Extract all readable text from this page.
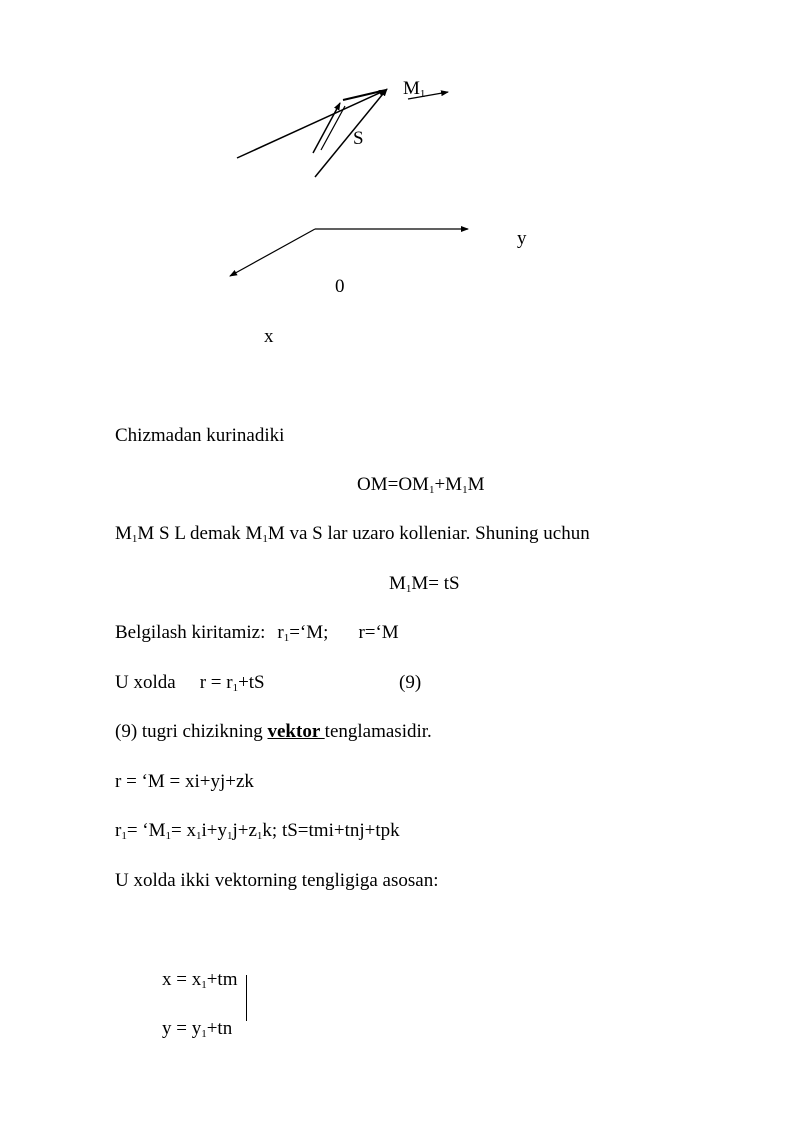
$M_1$
S
y
0
x
Chizmadan kurinadiki
$OM=OM_1+M_1M$
$M_1M$ S L demak $M_1M$ va S lar uzaro kolleniar. Shuning uchun
$M_1M=$ tS
Belgilash kiritamiz: $r_1=‘M$; r=‘M
U xolda $r = r_1+tS$	(9)
(9) tugri chizikning vektor tenglamasidir.
r = ‘M = xi+yj+zk
$r_1=$ ‘$M_1= x_1i+y_1j+z_1k$; tS=tmi+tnj+tpk
U xolda ikki vektorning tengligiga asosan:
$x = x_1+tm$
$y = y_1+tn$
